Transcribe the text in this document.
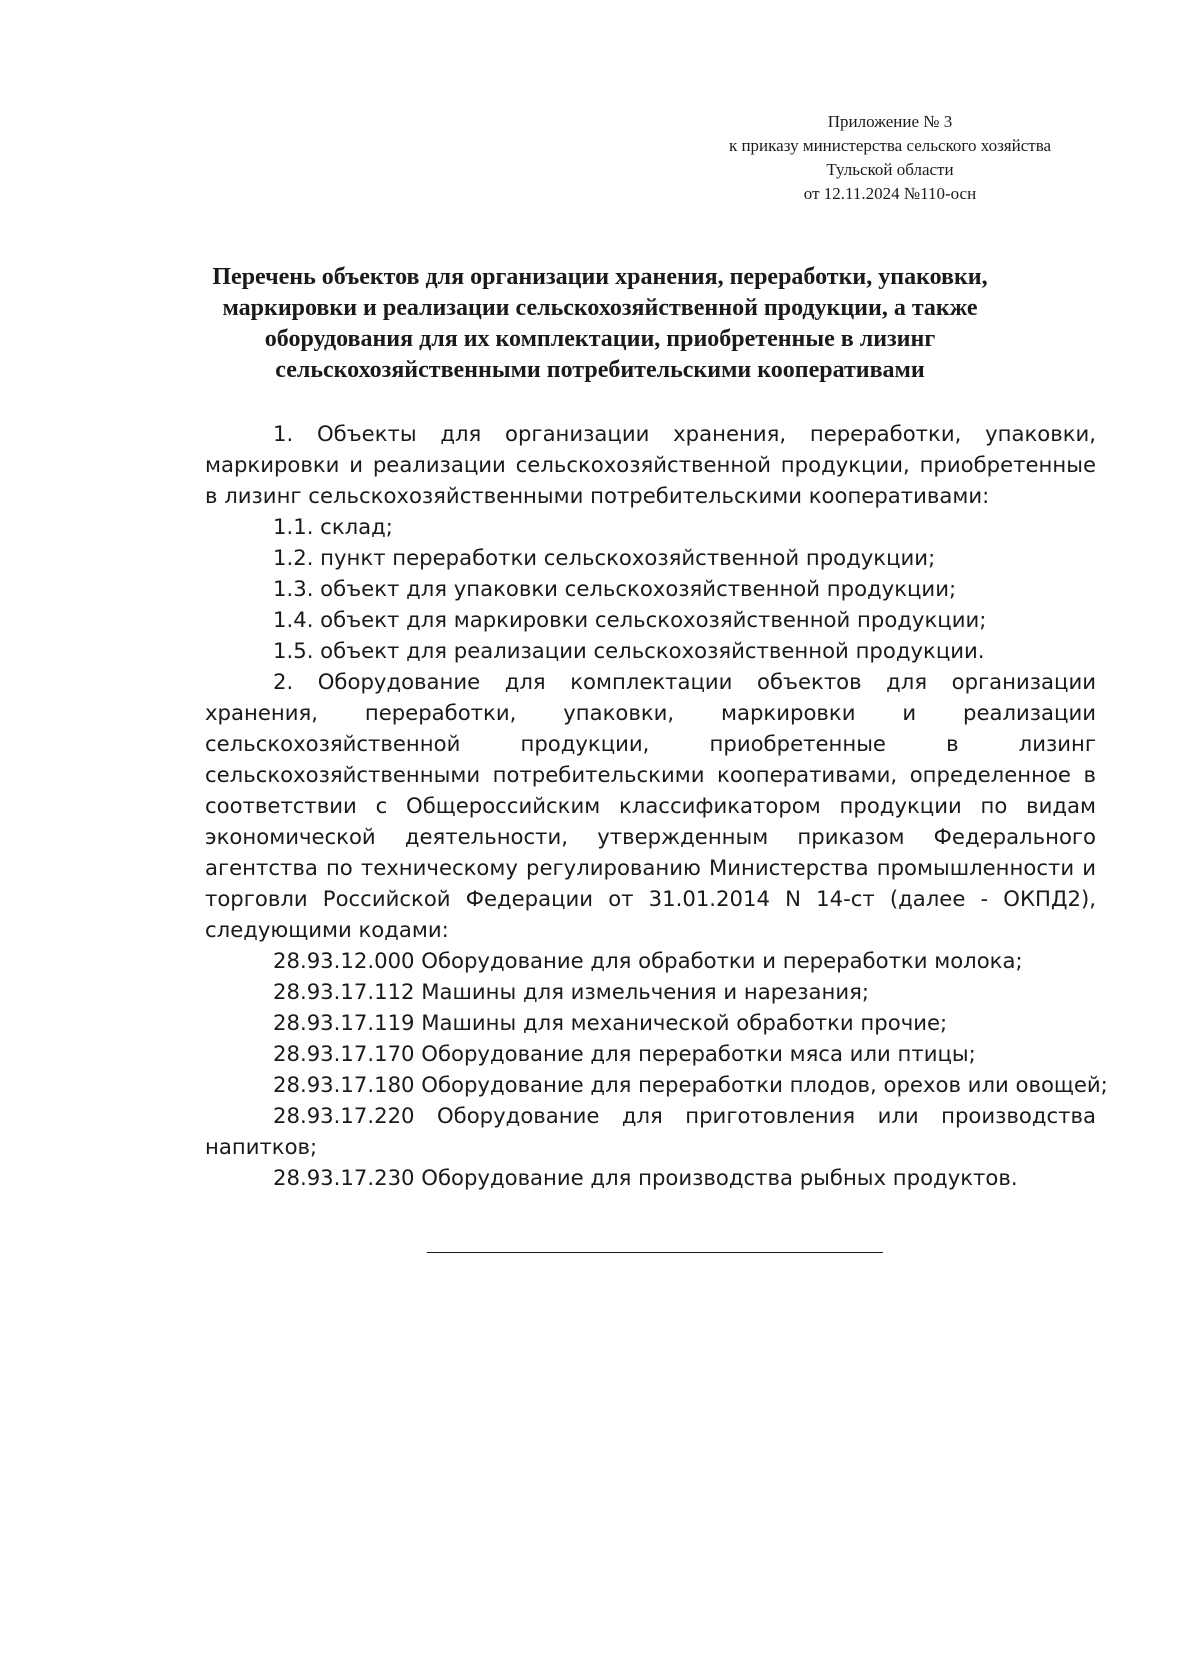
Приложение № 3
к приказу министерства сельского хозяйства
Тульской области
от 12.11.2024 №110-осн
Перечень объектов для организации хранения, переработки, упаковки,
маркировки и реализации сельскохозяйственной продукции, а также
оборудования для их комплектации, приобретенные в лизинг
сельскохозяйственными потребительскими кооперативами

1. Объекты для организации хранения, переработки, упаковки, маркировки и реализации сельскохозяйственной продукции, приобретенные в лизинг сельскохозяйственными потребительскими кооперативами:

1.1. склад;

1.2. пункт переработки сельскохозяйственной продукции;

1.3. объект для упаковки сельскохозяйственной продукции;

1.4. объект для маркировки сельскохозяйственной продукции;

1.5. объект для реализации сельскохозяйственной продукции.

2. Оборудование для комплектации объектов для организации хранения, переработки, упаковки, маркировки и реализации сельскохозяйственной продукции, приобретенные в лизинг сельскохозяйственными потребительскими кооперативами, определенное в соответствии с Общероссийским классификатором продукции по видам экономической деятельности, утвержденным приказом Федерального агентства по техническому регулированию Министерства промышленности и торговли Российской Федерации от 31.01.2014 N 14-ст (далее - ОКПД2), следующими кодами:

28.93.12.000 Оборудование для обработки и переработки молока;

28.93.17.112 Машины для измельчения и нарезания;

28.93.17.119 Машины для механической обработки прочие;

28.93.17.170 Оборудование для переработки мяса или птицы;

28.93.17.180 Оборудование для переработки плодов, орехов или овощей;

28.93.17.220 Оборудование для приготовления или производства напитков;

28.93.17.230 Оборудование для производства рыбных продуктов.
